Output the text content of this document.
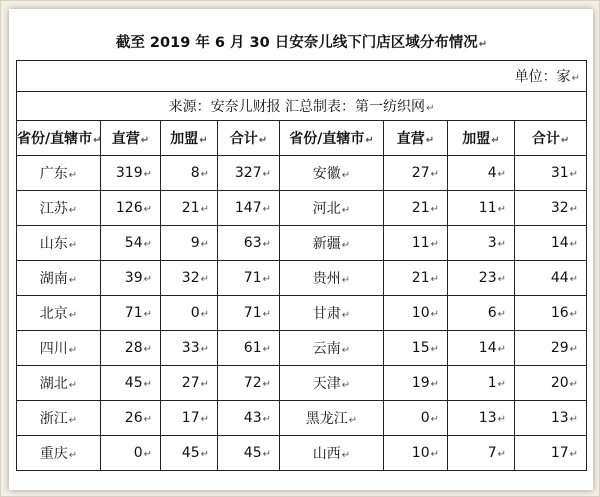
截至 2019 年 6 月 30 日安奈儿线下门店区域分布情况 ↵
单位：家 ↵
来源：安奈儿财报 汇总制表：第一纺织网 ↵
省份/直辖市 ↵	直营 ↵	加盟 ↵	合计 ↵	省份/直辖市 ↵	直营 ↵	加盟 ↵	合计 ↵
广东 ↵	319 ↵	8 ↵	327 ↵	安徽 ↵	27 ↵	4 ↵	31 ↵
江苏 ↵	126 ↵	21 ↵	147 ↵	河北 ↵	21 ↵	11 ↵	32 ↵
山东 ↵	54 ↵	9 ↵	63 ↵	新疆 ↵	11 ↵	3 ↵	14 ↵
湖南 ↵	39 ↵	32 ↵	71 ↵	贵州 ↵	21 ↵	23 ↵	44 ↵
北京 ↵	71 ↵	0 ↵	71 ↵	甘肃 ↵	10 ↵	6 ↵	16 ↵
四川 ↵	28 ↵	33 ↵	61 ↵	云南 ↵	15 ↵	14 ↵	29 ↵
湖北 ↵	45 ↵	27 ↵	72 ↵	天津 ↵	19 ↵	1 ↵	20 ↵
浙江 ↵	26 ↵	17 ↵	43 ↵	黑龙江 ↵	0 ↵	13 ↵	13 ↵
重庆 ↵	0 ↵	45 ↵	45 ↵	山西 ↵	10 ↵	7 ↵	17 ↵
